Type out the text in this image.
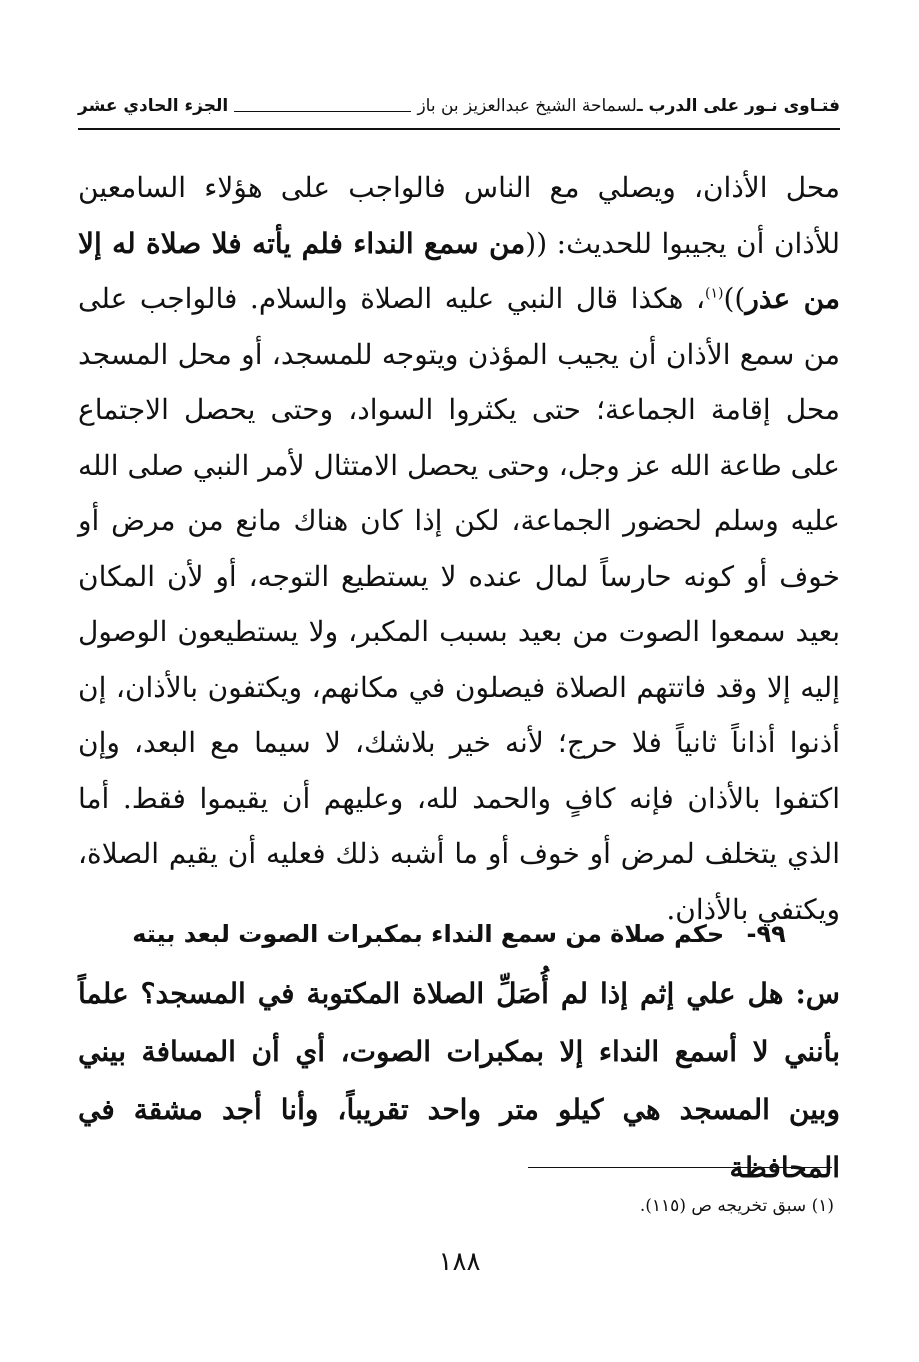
فتـاوى نـور على الدرب ـ
لسماحة الشيخ عبدالعزيز بن باز
الجزء الحادي عشر
محل الأذان، ويصلي مع الناس فالواجب على هؤلاء السامعين للأذان أن يجيبوا للحديث: ((من سمع النداء فلم يأته فلا صلاة له إلا من عذر))$^{(١)}$، هكذا قال النبي عليه الصلاة والسلام. فالواجب على من سمع الأذان أن يجيب المؤذن ويتوجه للمسجد، أو محل المسجد محل إقامة الجماعة؛ حتى يكثروا السواد، وحتى يحصل الاجتماع على طاعة الله عز وجل، وحتى يحصل الامتثال لأمر النبي صلى الله عليه وسلم لحضور الجماعة، لكن إذا كان هناك مانع من مرض أو خوف أو كونه حارساً لمال عنده لا يستطيع التوجه، أو لأن المكان بعيد سمعوا الصوت من بعيد بسبب المكبر، ولا يستطيعون الوصول إليه إلا وقد فاتتهم الصلاة فيصلون في مكانهم، ويكتفون بالأذان، إن أذنوا أذاناً ثانياً فلا حرج؛ لأنه خير بلاشك، لا سيما مع البعد، وإن اكتفوا بالأذان فإنه كافٍ والحمد لله، وعليهم أن يقيموا فقط. أما الذي يتخلف لمرض أو خوف أو ما أشبه ذلك فعليه أن يقيم الصلاة، ويكتفي بالأذان.
٩٩- حكم صلاة من سمع النداء بمكبرات الصوت لبعد بيته
س: هل علي إثم إذا لم أُصَلِّ الصلاة المكتوبة في المسجد؟ علماً بأنني لا أسمع النداء إلا بمكبرات الصوت، أي أن المسافة بيني وبين المسجد هي كيلو متر واحد تقريباً، وأنا أجد مشقة في المحافظة
(١) سبق تخريجه ص (١١٥).
١٨٨
